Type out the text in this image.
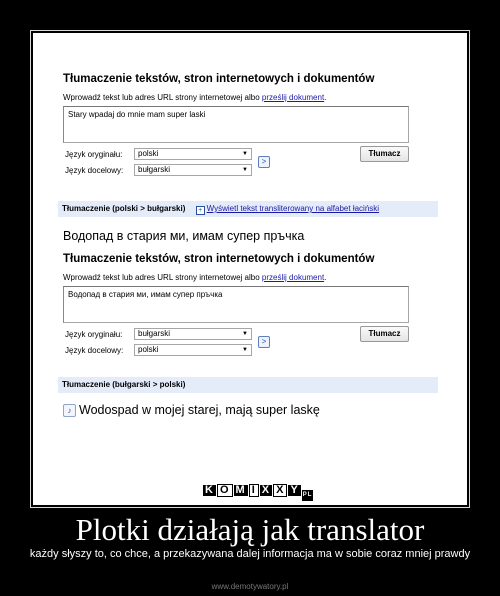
Tłumaczenie tekstów, stron internetowych i dokumentów

Wprowadź tekst lub adres URL strony internetowej albo prześlij dokument.
Stary wpadaj do mnie mam super laski
Język oryginału:	polski	▼	Tłumacz
Język docelowy:	bułgarski	▼
>
Tłumaczenie (polski > bułgarski) + Wyświetl tekst transliterowany na alfabet łaciński
Водопад в стария ми, имам супер пръчка

Tłumaczenie tekstów, stron internetowych i dokumentów

Wprowadź tekst lub adres URL strony internetowej albo prześlij dokument.
Водопад в стария ми, имам супер пръчка
Język oryginału:	bułgarski	▼	Tłumacz
Język docelowy:	polski	▼
>
Tłumaczenie (bułgarski > polski)
♪ Wodospad w mojej starej, mają super laskę
K O M I X X Y PL
Plotki działają jak translator
każdy słyszy to, co chce, a przekazywana dalej informacja ma w sobie coraz mniej prawdy
www.demotywatory.pl
